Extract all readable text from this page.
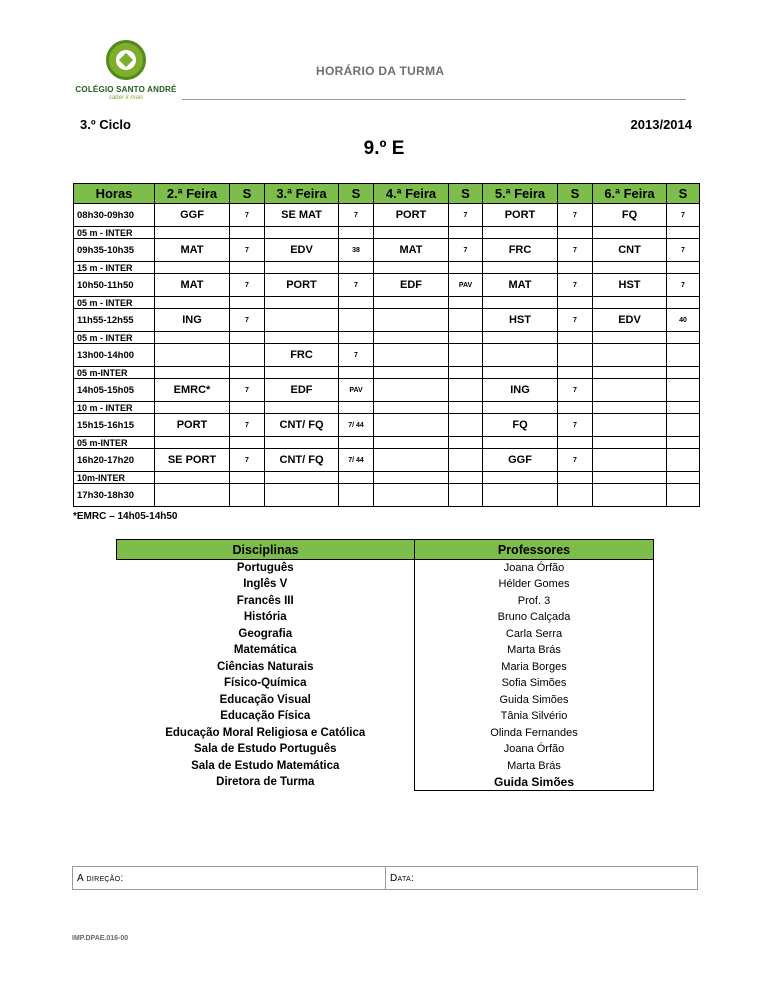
COLÉGIO SANTO ANDRÉ
saber ir mais
HORÁRIO DA TURMA
3.º Ciclo	2013/2014
9.º E
Horas	2.ª Feira	S	3.ª Feira	S	4.ª Feira	S	5.ª Feira	S	6.ª Feira	S
08h30-09h30	GGF	7	SE MAT	7	PORT	7	PORT	7	FQ	7
05 m - INTER										
09h35-10h35	MAT	7	EDV	38	MAT	7	FRC	7	CNT	7
15 m - INTER										
10h50-11h50	MAT	7	PORT	7	EDF	PAV	MAT	7	HST	7
05 m - INTER										
11h55-12h55	ING	7					HST	7	EDV	40
05 m - INTER										
13h00-14h00			FRC	7						
05 m-INTER										
14h05-15h05	EMRC*	7	EDF	PAV			ING	7		
10 m - INTER										
15h15-16h15	PORT	7	CNT/ FQ	7/ 44			FQ	7		
05 m-INTER										
16h20-17h20	SE PORT	7	CNT/ FQ	7/ 44			GGF	7		
10m-INTER										
17h30-18h30										
*EMRC – 14h05-14h50
Disciplinas	Professores
Português	Joana Órfão
Inglês V	Hélder Gomes
Francês III	Prof. 3
História	Bruno Calçada
Geografia	Carla Serra
Matemática	Marta Brás
Ciências Naturais	Maria Borges
Físico-Química	Sofia Simões
Educação Visual	Guida Simões
Educação Física	Tânia Silvério
Educação Moral Religiosa e Católica	Olinda Fernandes
Sala de Estudo Português	Joana Órfão
Sala de Estudo Matemática	Marta Brás
Diretora de Turma	Guida Simões
A direção:	Data:
IMP.DPAE.016-00
